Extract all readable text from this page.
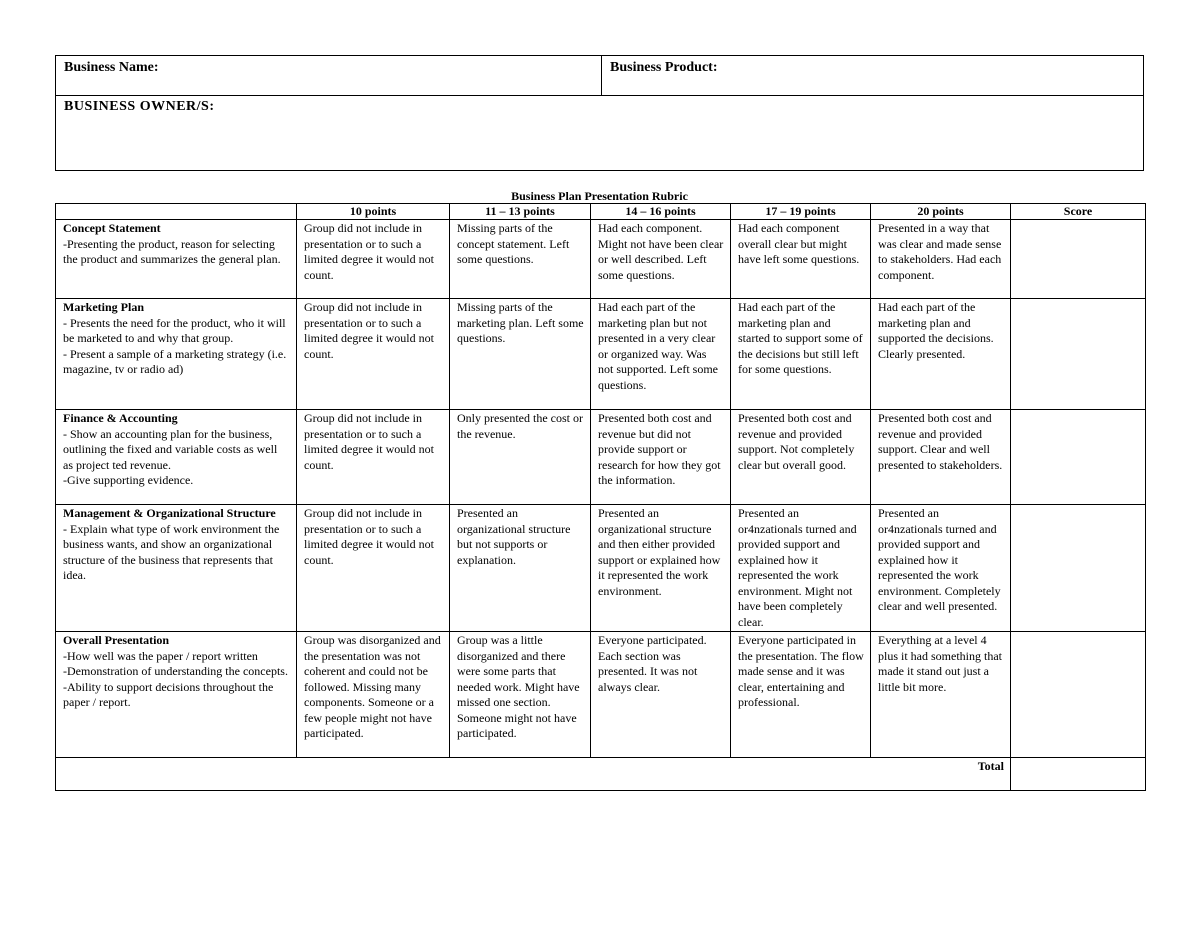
Business Name:	Business Product:
BUSINESS OWNER/S:
Business Plan Presentation Rubric
	10 points	11 – 13 points	14 – 16 points	17 – 19 points	20 points	Score

Concept Statement
-Presenting the product, reason for selecting the product and summarizes the general plan.	Group did not include in presentation or to such a limited degree it would not count.	Missing parts of the concept statement. Left some questions.	Had each component. Might not have been clear or well described. Left some questions.	Had each component overall clear but might have left some questions.	Presented in a way that was clear and made sense to stakeholders. Had each component.	

Marketing Plan
- Presents the need for the product, who it will be marketed to and why that group.
- Present a sample of a marketing strategy (i.e. magazine, tv or radio ad)	Group did not include in presentation or to such a limited degree it would not count.	Missing parts of the marketing plan. Left some questions.	Had each part of the marketing plan but not presented in a very clear or organized way. Was not supported. Left some questions.	Had each part of the marketing plan and started to support some of the decisions but still left for some questions.	Had each part of the marketing plan and supported the decisions. Clearly presented.	

Finance & Accounting
- Show an accounting plan for the business, outlining the fixed and variable costs as well as project ted revenue.
-Give supporting evidence.	Group did not include in presentation or to such a limited degree it would not count.	Only presented the cost or the revenue.	Presented both cost and revenue but did not provide support or research for how they got the information.	Presented both cost and revenue and provided support. Not completely clear but overall good.	Presented both cost and revenue and provided support. Clear and well presented to stakeholders.	

Management & Organizational Structure
- Explain what type of work environment the business wants, and show an organizational structure of the business that represents that idea.	Group did not include in presentation or to such a limited degree it would not count.	Presented an organizational structure but not supports or explanation.	Presented an organizational structure and then either provided support or explained how it represented the work environment.	Presented an or4nzationals turned and provided support and explained how it represented the work environment. Might not have been completely clear.	Presented an or4nzationals turned and provided support and explained how it represented the work environment. Completely clear and well presented.	

Overall Presentation
-How well was the paper / report written
-Demonstration of understanding the concepts.
-Ability to support decisions throughout the paper / report.	Group was disorganized and the presentation was not coherent and could not be followed. Missing many components. Someone or a few people might not have participated.	Group was a little disorganized and there were some parts that needed work. Might have missed one section. Someone might not have participated.	Everyone participated. Each section was presented. It was not always clear.	Everyone participated in the presentation. The flow made sense and it was clear, entertaining and professional.	Everything at a level 4 plus it had something that made it stand out just a little bit more.	
Total						
